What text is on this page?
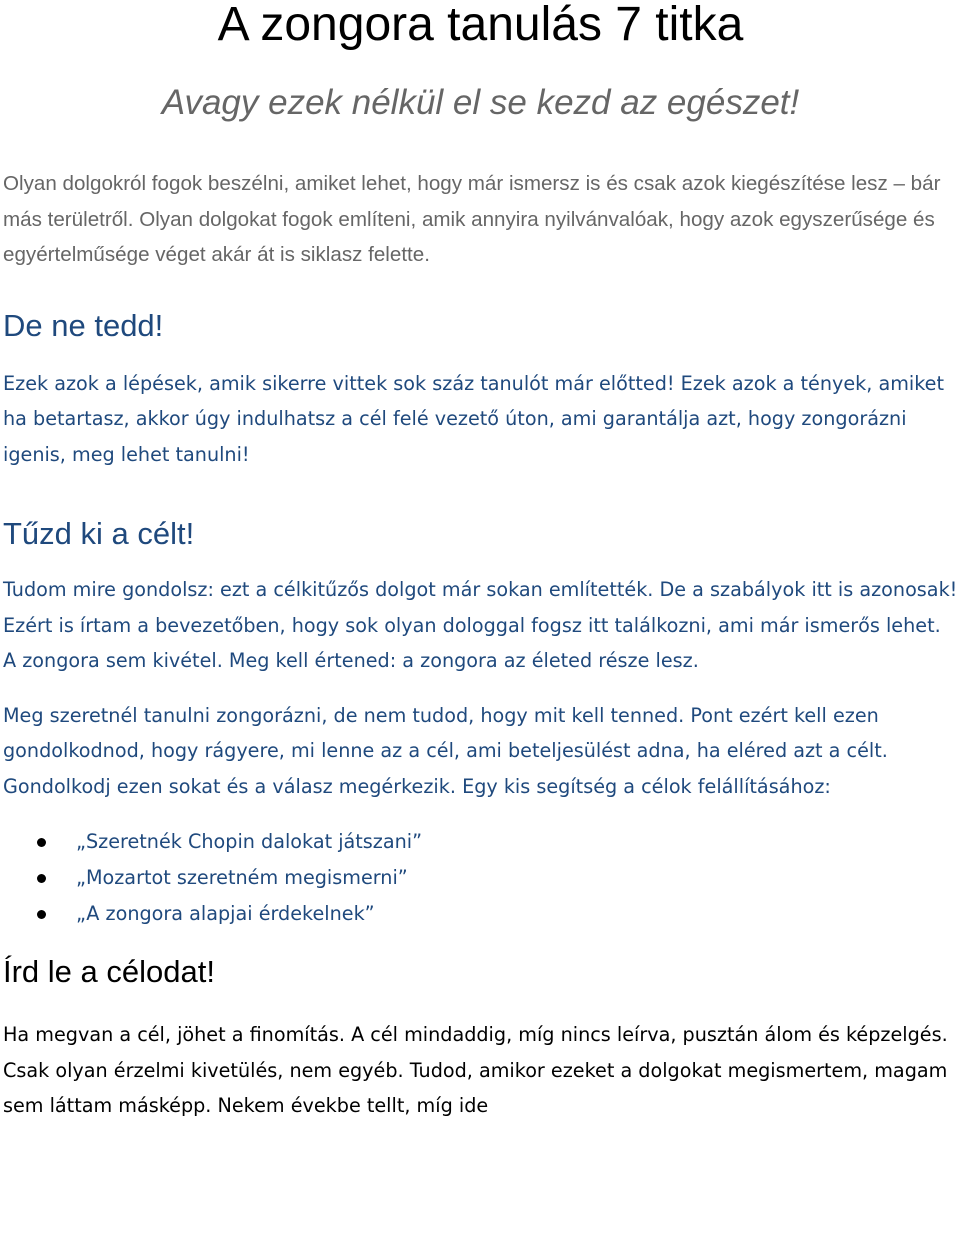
A zongora tanulás 7 titka
Avagy ezek nélkül el se kezd az egészet!

Olyan dolgokról fogok beszélni, amiket lehet, hogy már ismersz is és csak azok kiegészítése lesz – bár más területről. Olyan dolgokat fogok említeni, amik annyira nyilvánvalóak, hogy azok egyszerűsége és egyértelműsége véget akár át is siklasz felette.

De ne tedd!

Ezek azok a lépések, amik sikerre vittek sok száz tanulót már előtted! Ezek azok a tények, amiket ha betartasz, akkor úgy indulhatsz a cél felé vezető úton, ami garantálja azt, hogy zongorázni igenis, meg lehet tanulni!

Tűzd ki a célt!

Tudom mire gondolsz: ezt a célkitűzős dolgot már sokan említették. De a szabályok itt is azonosak! Ezért is írtam a bevezetőben, hogy sok olyan dologgal fogsz itt találkozni, ami már ismerős lehet. A zongora sem kivétel. Meg kell értened: a zongora az életed része lesz.

Meg szeretnél tanulni zongorázni, de nem tudod, hogy mit kell tenned. Pont ezért kell ezen gondolkodnod, hogy rágyere, mi lenne az a cél, ami beteljesülést adna, ha eléred azt a célt. Gondolkodj ezen sokat és a válasz megérkezik. Egy kis segítség a célok felállításához:

„Szeretnék Chopin dalokat játszani”
„Mozartot szeretném megismerni”
„A zongora alapjai érdekelnek”
Írd le a célodat!

Ha megvan a cél, jöhet a finomítás. A cél mindaddig, míg nincs leírva, pusztán álom és képzelgés. Csak olyan érzelmi kivetülés, nem egyéb. Tudod, amikor ezeket a dolgokat megismertem, magam sem láttam másképp. Nekem évekbe tellt, míg ide
